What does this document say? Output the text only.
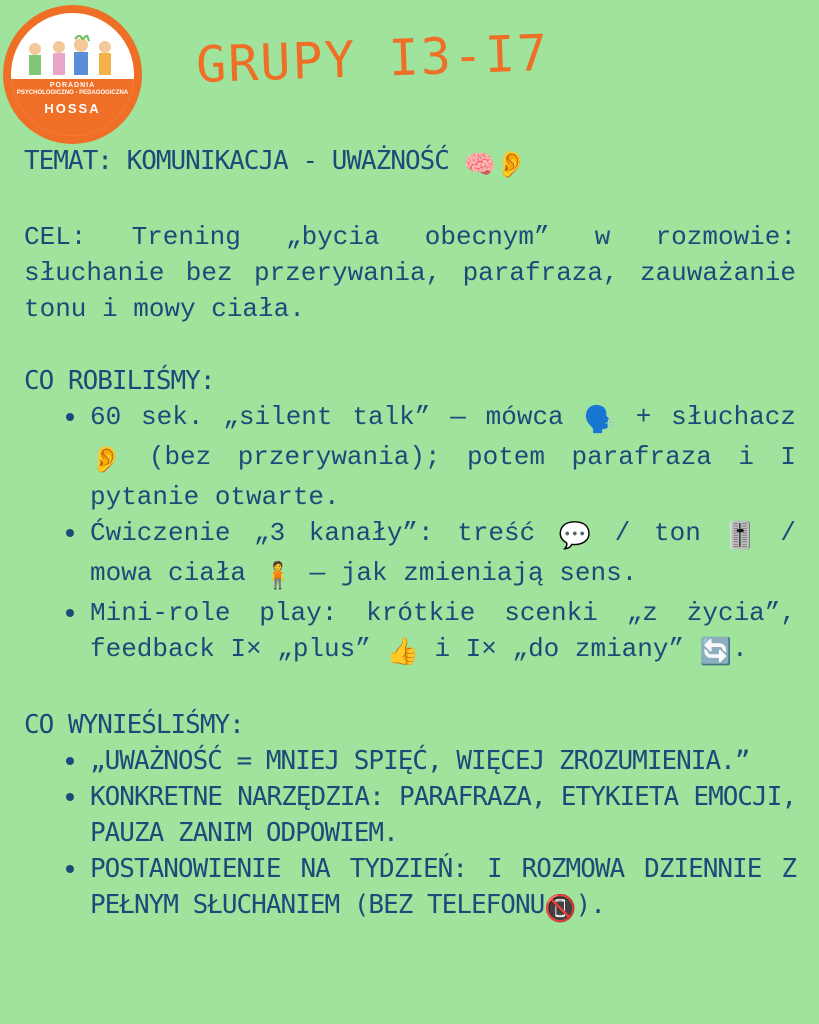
PORADNIA
PSYCHOLOGICZNO - PEDAGOGICZNA
HOSSA
GRUPY I3-I7
TEMAT: KOMUNIKACJA - UWAŻNOŚĆ 🧠👂
CEL: Trening „bycia obecnym” w rozmowie: słuchanie bez przerywania, parafraza, zauważanie tonu i mowy ciała.
CO ROBILIŚMY:
60 sek. „silent talk” — mówca 🗣️ + słuchacz 👂 (bez przerywania); potem parafraza i I pytanie otwarte.
Ćwiczenie „3 kanały”: treść 💬 / ton 🎚️ / mowa ciała 🧍 — jak zmieniają sens.
Mini-role play: krótkie scenki „z życia”, feedback I× „plus” 👍 i I× „do zmiany” 🔄.
CO WYNIEŚLIŚMY:
„UWAŻNOŚĆ = MNIEJ SPIĘĆ, WIĘCEJ ZROZUMIENIA.”
KONKRETNE NARZĘDZIA: PARAFRAZA, ETYKIETA EMOCJI, PAUZA ZANIM ODPOWIEM.
POSTANOWIENIE NA TYDZIEŃ: I ROZMOWA DZIENNIE Z PEŁNYM SŁUCHANIEM (BEZ TELEFONU📵).
